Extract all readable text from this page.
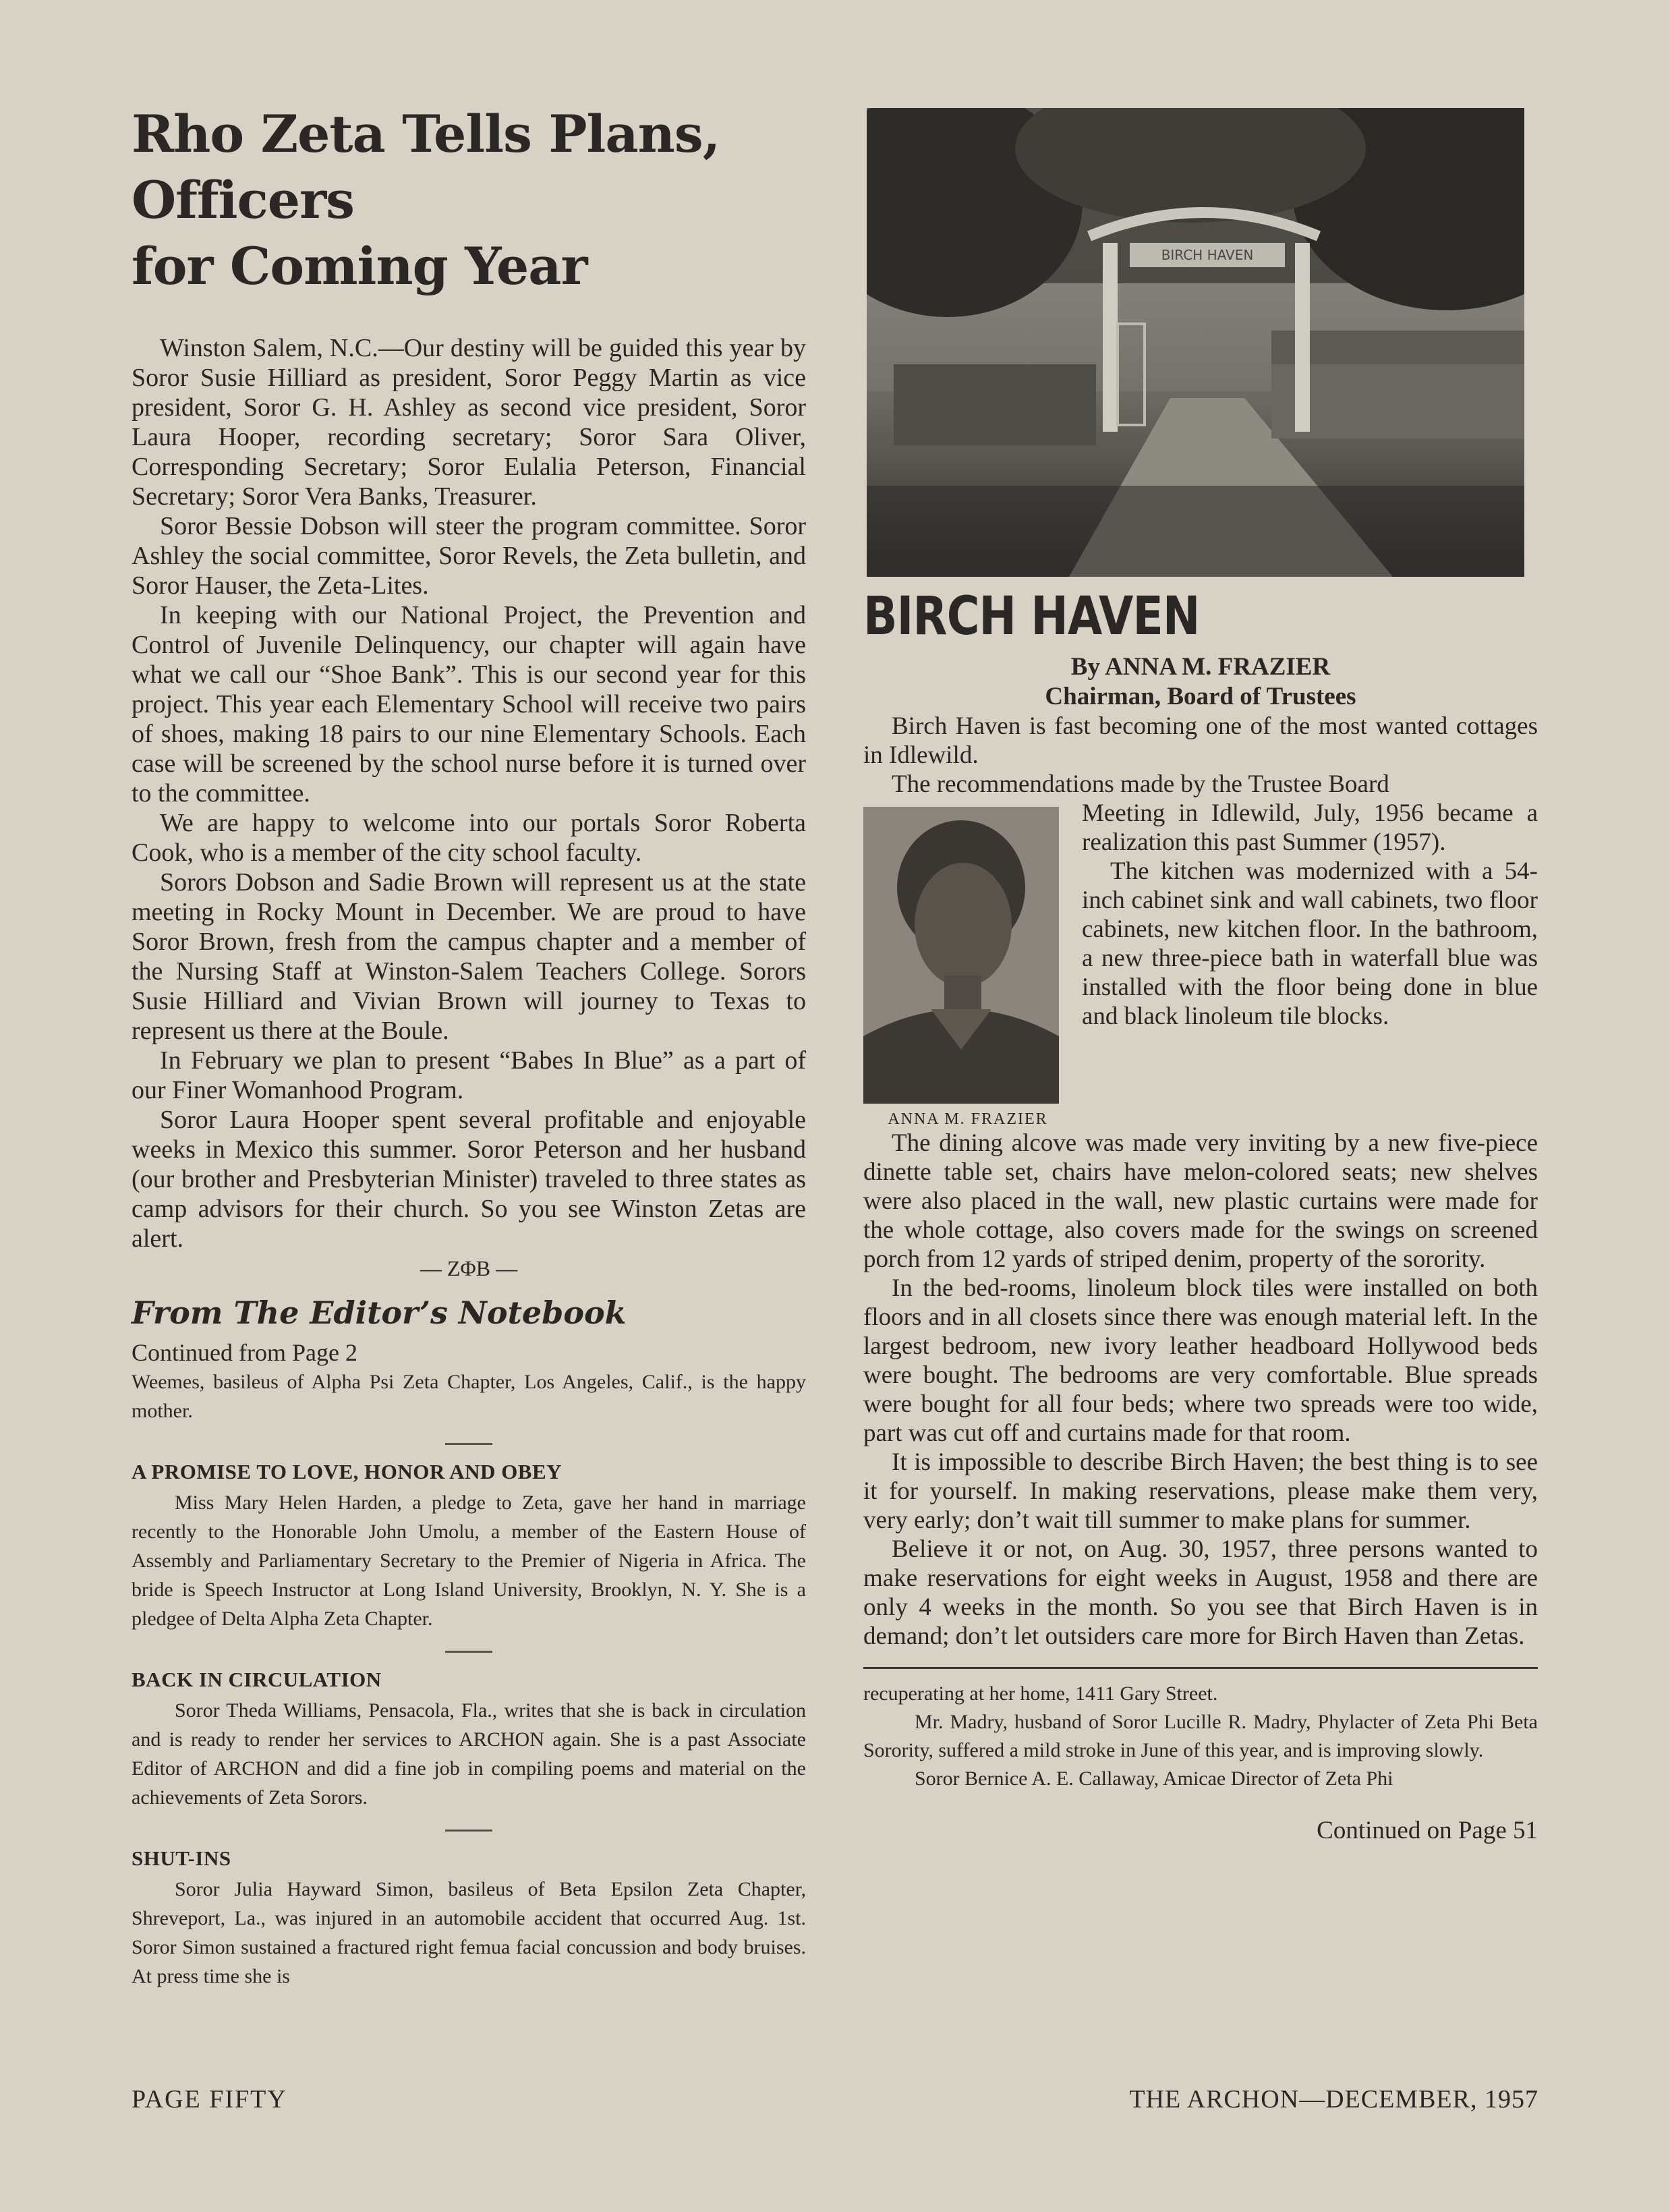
Rho Zeta Tells Plans, Officers
for Coming Year

Winston Salem, N.C.—Our destiny will be guided this year by Soror Susie Hilliard as president, Soror Peggy Martin as vice president, Soror G. H. Ashley as second vice president, Soror Laura Hooper, recording secretary; Soror Sara Oliver, Corresponding Secretary; Soror Eulalia Peterson, Financial Secretary; Soror Vera Banks, Treasurer.

Soror Bessie Dobson will steer the program committee. Soror Ashley the social committee, Soror Revels, the Zeta bulletin, and Soror Hauser, the Zeta-Lites.

In keeping with our National Project, the Prevention and Control of Juvenile Delinquency, our chapter will again have what we call our “Shoe Bank”. This is our second year for this project. This year each Elementary School will receive two pairs of shoes, making 18 pairs to our nine Elementary Schools. Each case will be screened by the school nurse before it is turned over to the committee.

We are happy to welcome into our portals Soror Roberta Cook, who is a member of the city school faculty.

Sorors Dobson and Sadie Brown will represent us at the state meeting in Rocky Mount in December. We are proud to have Soror Brown, fresh from the campus chapter and a member of the Nursing Staff at Winston-Salem Teachers College. Sorors Susie Hilliard and Vivian Brown will journey to Texas to represent us there at the Boule.

In February we plan to present “Babes In Blue” as a part of our Finer Womanhood Program.

Soror Laura Hooper spent several profitable and enjoyable weeks in Mexico this summer. Soror Peterson and her husband (our brother and Presbyterian Minister) traveled to three states as camp advisors for their church. So you see Winston Zetas are alert.

— ZΦB —
From The Editor’s Notebook

Continued from Page 2

Weemes, basileus of Alpha Psi Zeta Chapter, Los Angeles, Calif., is the happy mother.

A PROMISE TO LOVE, HONOR AND OBEY

Miss Mary Helen Harden, a pledge to Zeta, gave her hand in marriage recently to the Honorable John Umolu, a member of the Eastern House of Assembly and Parliamentary Secretary to the Premier of Nigeria in Africa. The bride is Speech Instructor at Long Island University, Brooklyn, N. Y. She is a pledgee of Delta Alpha Zeta Chapter.

BACK IN CIRCULATION

Soror Theda Williams, Pensacola, Fla., writes that she is back in circulation and is ready to render her services to ARCHON again. She is a past Associate Editor of ARCHON and did a fine job in compiling poems and material on the achievements of Zeta Sorors.

SHUT-INS

Soror Julia Hayward Simon, basileus of Beta Epsilon Zeta Chapter, Shreveport, La., was injured in an automobile accident that occurred Aug. 1st. Soror Simon sustained a fractured right femua facial concussion and body bruises. At press time she is

BIRCH HAVEN
BIRCH HAVEN

By ANNA M. FRAZIER

Chairman, Board of Trustees

Birch Haven is fast becoming one of the most wanted cottages in Idlewild.

The recommendations made by the Trustee Board

ANNA M. FRAZIER

Meeting in Idlewild, July, 1956 became a realization this past Summer (1957).

The kitchen was modernized with a 54-inch cabinet sink and wall cabinets, two floor cabinets, new kitchen floor. In the bathroom, a new three-piece bath in waterfall blue was installed with the floor being done in blue and black linoleum tile blocks.

The dining alcove was made very inviting by a new five-piece dinette table set, chairs have melon-colored seats; new shelves were also placed in the wall, new plastic curtains were made for the whole cottage, also covers made for the swings on screened porch from 12 yards of striped denim, property of the sorority.

In the bed-rooms, linoleum block tiles were installed on both floors and in all closets since there was enough material left. In the largest bedroom, new ivory leather headboard Hollywood beds were bought. The bedrooms are very comfortable. Blue spreads were bought for all four beds; where two spreads were too wide, part was cut off and curtains made for that room.

It is impossible to describe Birch Haven; the best thing is to see it for yourself. In making reservations, please make them very, very early; don’t wait till summer to make plans for summer.

Believe it or not, on Aug. 30, 1957, three persons wanted to make reservations for eight weeks in August, 1958 and there are only 4 weeks in the month. So you see that Birch Haven is in demand; don’t let outsiders care more for Birch Haven than Zetas.

recuperating at her home, 1411 Gary Street.

Mr. Madry, husband of Soror Lucille R. Madry, Phylacter of Zeta Phi Beta Sorority, suffered a mild stroke in June of this year, and is improving slowly.

Soror Bernice A. E. Callaway, Amicae Director of Zeta Phi

Continued on Page 51
PAGE FIFTY	THE ARCHON—DECEMBER, 1957
